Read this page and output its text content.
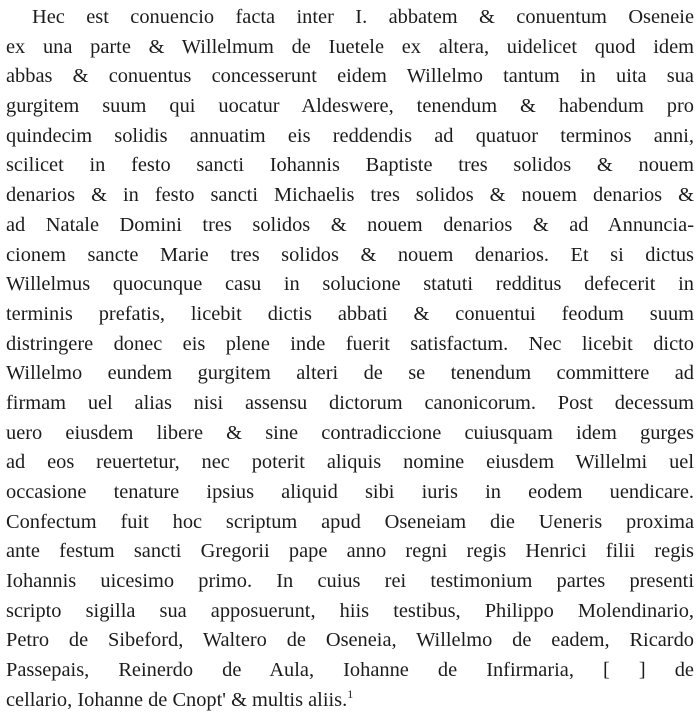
Hec est conuencio facta inter I. abbatem & conuentum Oseneie
ex una parte & Willelmum de Iuetele ex altera, uidelicet quod idem
abbas & conuentus concesserunt eidem Willelmo tantum in uita sua
gurgitem suum qui uocatur Aldeswere, tenendum & habendum pro
quindecim solidis annuatim eis reddendis ad quatuor terminos anni,
scilicet in festo sancti Iohannis Baptiste tres solidos & nouem
denarios & in festo sancti Michaelis tres solidos & nouem denarios &
ad Natale Domini tres solidos & nouem denarios & ad Annuncia-
cionem sancte Marie tres solidos & nouem denarios. Et si dictus
Willelmus quocunque casu in solucione statuti redditus defecerit in
terminis prefatis, licebit dictis abbati & conuentui feodum suum
distringere donec eis plene inde fuerit satisfactum. Nec licebit dicto
Willelmo eundem gurgitem alteri de se tenendum committere ad
firmam uel alias nisi assensu dictorum canonicorum. Post decessum
uero eiusdem libere & sine contradiccione cuiusquam idem gurges
ad eos reuertetur, nec poterit aliquis nomine eiusdem Willelmi uel
occasione tenature ipsius aliquid sibi iuris in eodem uendicare.
Confectum fuit hoc scriptum apud Oseneiam die Ueneris proxima
ante festum sancti Gregorii pape anno regni regis Henrici filii regis
Iohannis uicesimo primo. In cuius rei testimonium partes presenti
scripto sigilla sua apposuerunt, hiis testibus, Philippo Molendinario,
Petro de Sibeford, Waltero de Oseneia, Willelmo de eadem, Ricardo
Passepais, Reinerdo de Aula, Iohanne de Infirmaria, [ ] de
cellario, Iohanne de Cnopt' & multis aliis.$^1$
